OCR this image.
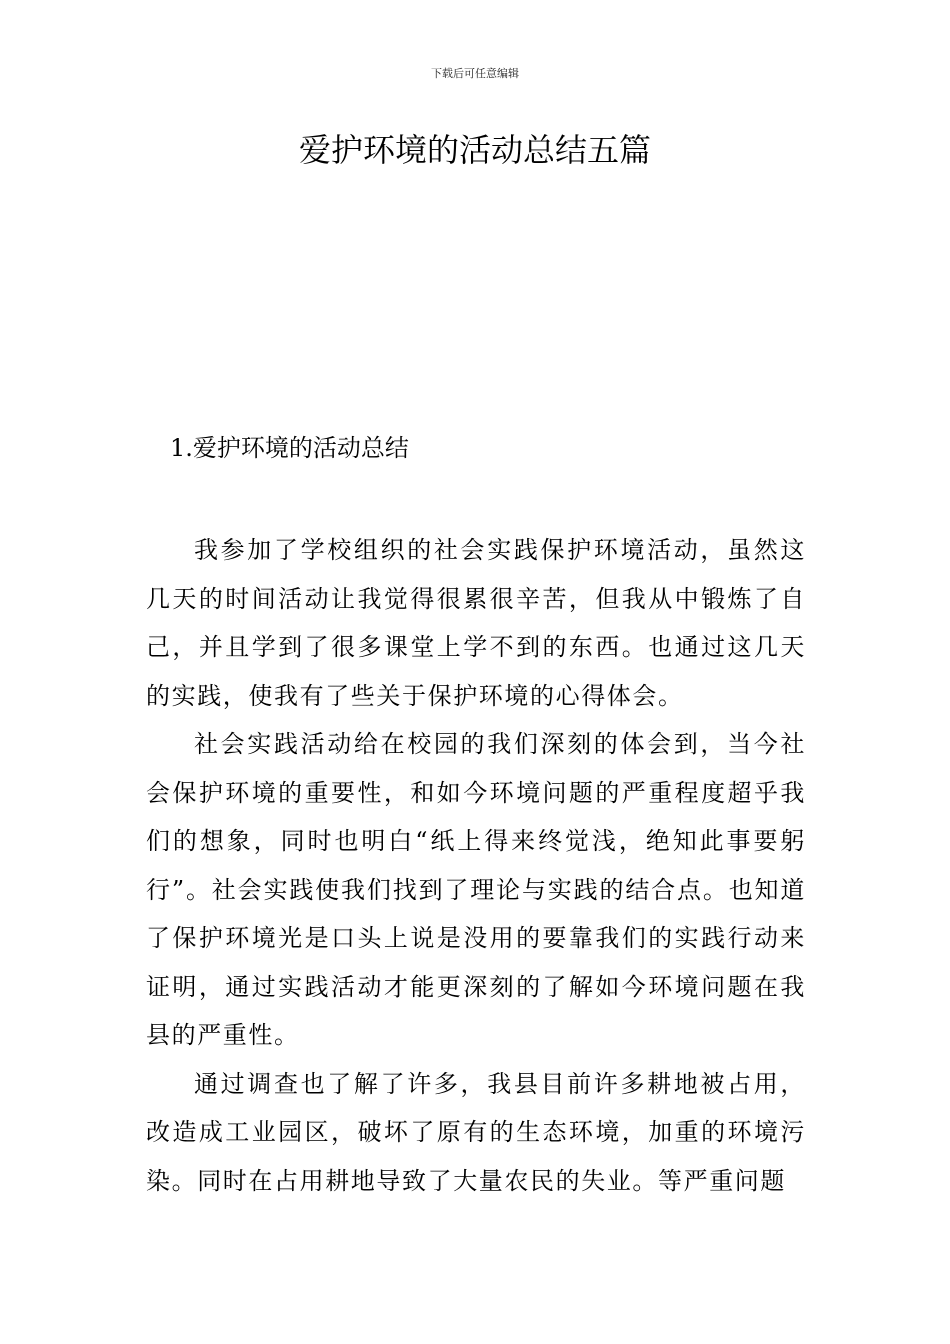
下载后可任意编辑
爱护环境的活动总结五篇
1.爱护环境的活动总结

我参加了学校组织的社会实践保护环境活动，虽然这几天的时间活动让我觉得很累很辛苦，但我从中锻炼了自己，并且学到了很多课堂上学不到的东西。也通过这几天的实践，使我有了些关于保护环境的心得体会。

社会实践活动给在校园的我们深刻的体会到，当今社会保护环境的重要性，和如今环境问题的严重程度超乎我们的想象，同时也明白“纸上得来终觉浅，绝知此事要躬行”。社会实践使我们找到了理论与实践的结合点。也知道了保护环境光是口头上说是没用的要靠我们的实践行动来证明，通过实践活动才能更深刻的了解如今环境问题在我县的严重性。

通过调查也了解了许多，我县目前许多耕地被占用，改造成工业园区，破坏了原有的生态环境，加重的环境污染。同时在占用耕地导致了大量农民的失业。等严重问题
